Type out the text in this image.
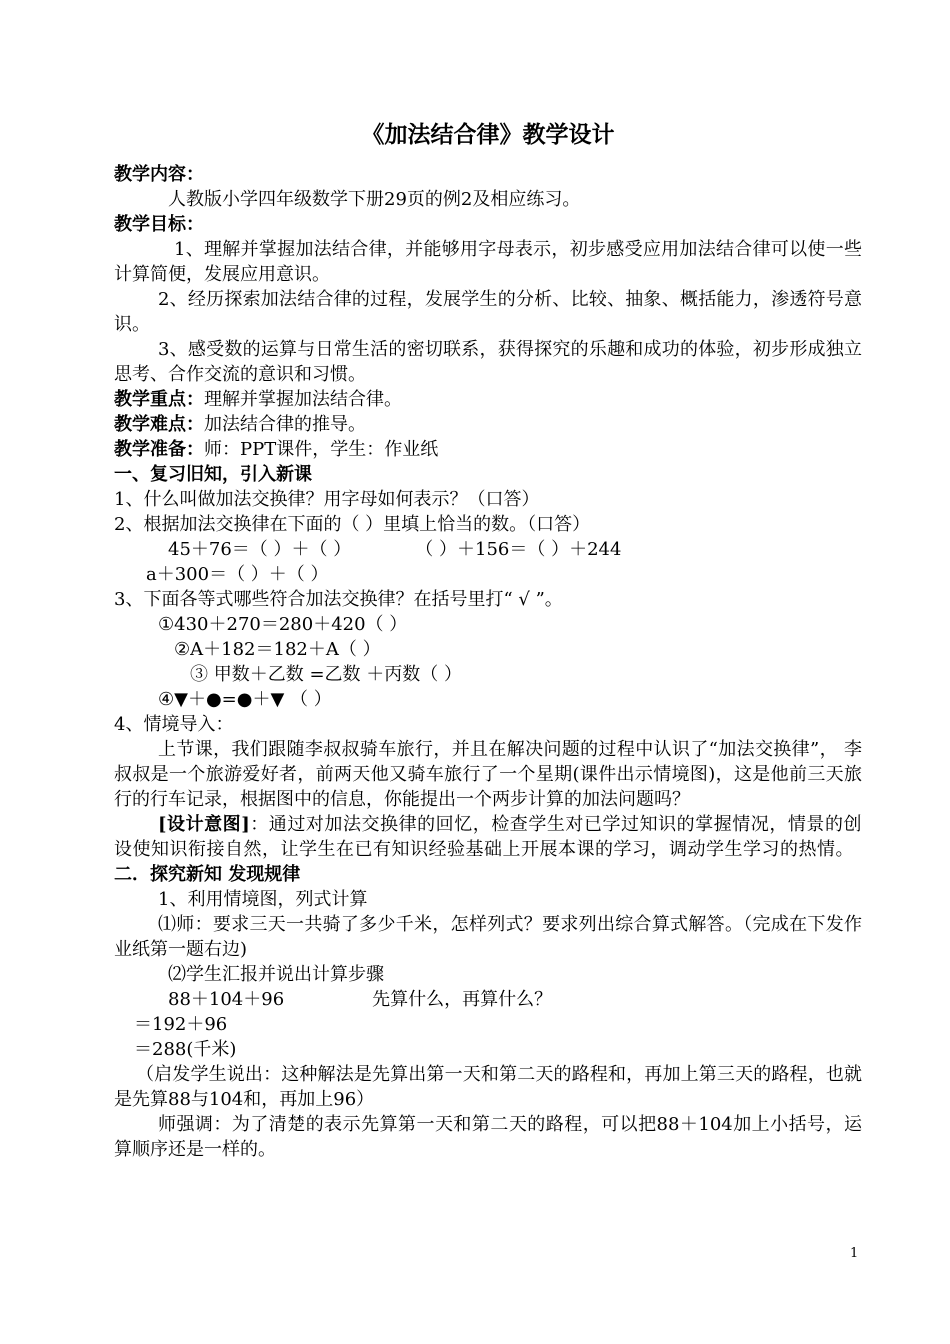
《加法结合律》教学设计
教学内容：
人教版小学四年级数学下册29页的例2及相应练习。
教学目标：
1、理解并掌握加法结合律，并能够用字母表示，初步感受应用加法结合律可以使一些计算简便，发展应用意识。
2、经历探索加法结合律的过程，发展学生的分析、比较、抽象、概括能力，渗透符号意识。
3、感受数的运算与日常生活的密切联系，获得探究的乐趣和成功的体验，初步形成独立思考、合作交流的意识和习惯。
教学重点：理解并掌握加法结合律。
教学难点：加法结合律的推导。
教学准备：师：PPT课件，学生：作业纸
一、复习旧知，引入新课
1、什么叫做加法交换律？用字母如何表示？（口答）
2、根据加法交换律在下面的（ ）里填上恰当的数。（口答）
45＋76＝（ ）＋（ ）	（ ）＋156＝（ ）＋244
a＋300＝（ ）＋（ ）
3、下面各等式哪些符合加法交换律？在括号里打“ √ ”。
①430＋270＝280＋420（ ）
②A＋182＝182＋A（ ）
③ 甲数＋乙数 =乙数 ＋丙数（ ）
④▼＋●=●＋▼ （ ）
4、情境导入：
上节课，我们跟随李叔叔骑车旅行，并且在解决问题的过程中认识了“加法交换律”， 李叔叔是一个旅游爱好者，前两天他又骑车旅行了一个星期(课件出示情境图)，这是他前三天旅行的行车记录，根据图中的信息，你能提出一个两步计算的加法问题吗？
[设计意图]：通过对加法交换律的回忆，检查学生对已学过知识的掌握情况，情景的创设使知识衔接自然，让学生在已有知识经验基础上开展本课的学习，调动学生学习的热情。
二．探究新知 发现规律
1、利用情境图，列式计算
⑴师：要求三天一共骑了多少千米，怎样列式？要求列出综合算式解答。（完成在下发作业纸第一题右边)
⑵学生汇报并说出计算步骤
88＋104＋96	先算什么，再算什么？
＝192＋96
＝288(千米)
（启发学生说出：这种解法是先算出第一天和第二天的路程和，再加上第三天的路程，也就是先算88与104和，再加上96）
师强调：为了清楚的表示先算第一天和第二天的路程，可以把88＋104加上小括号，运算顺序还是一样的。
1
